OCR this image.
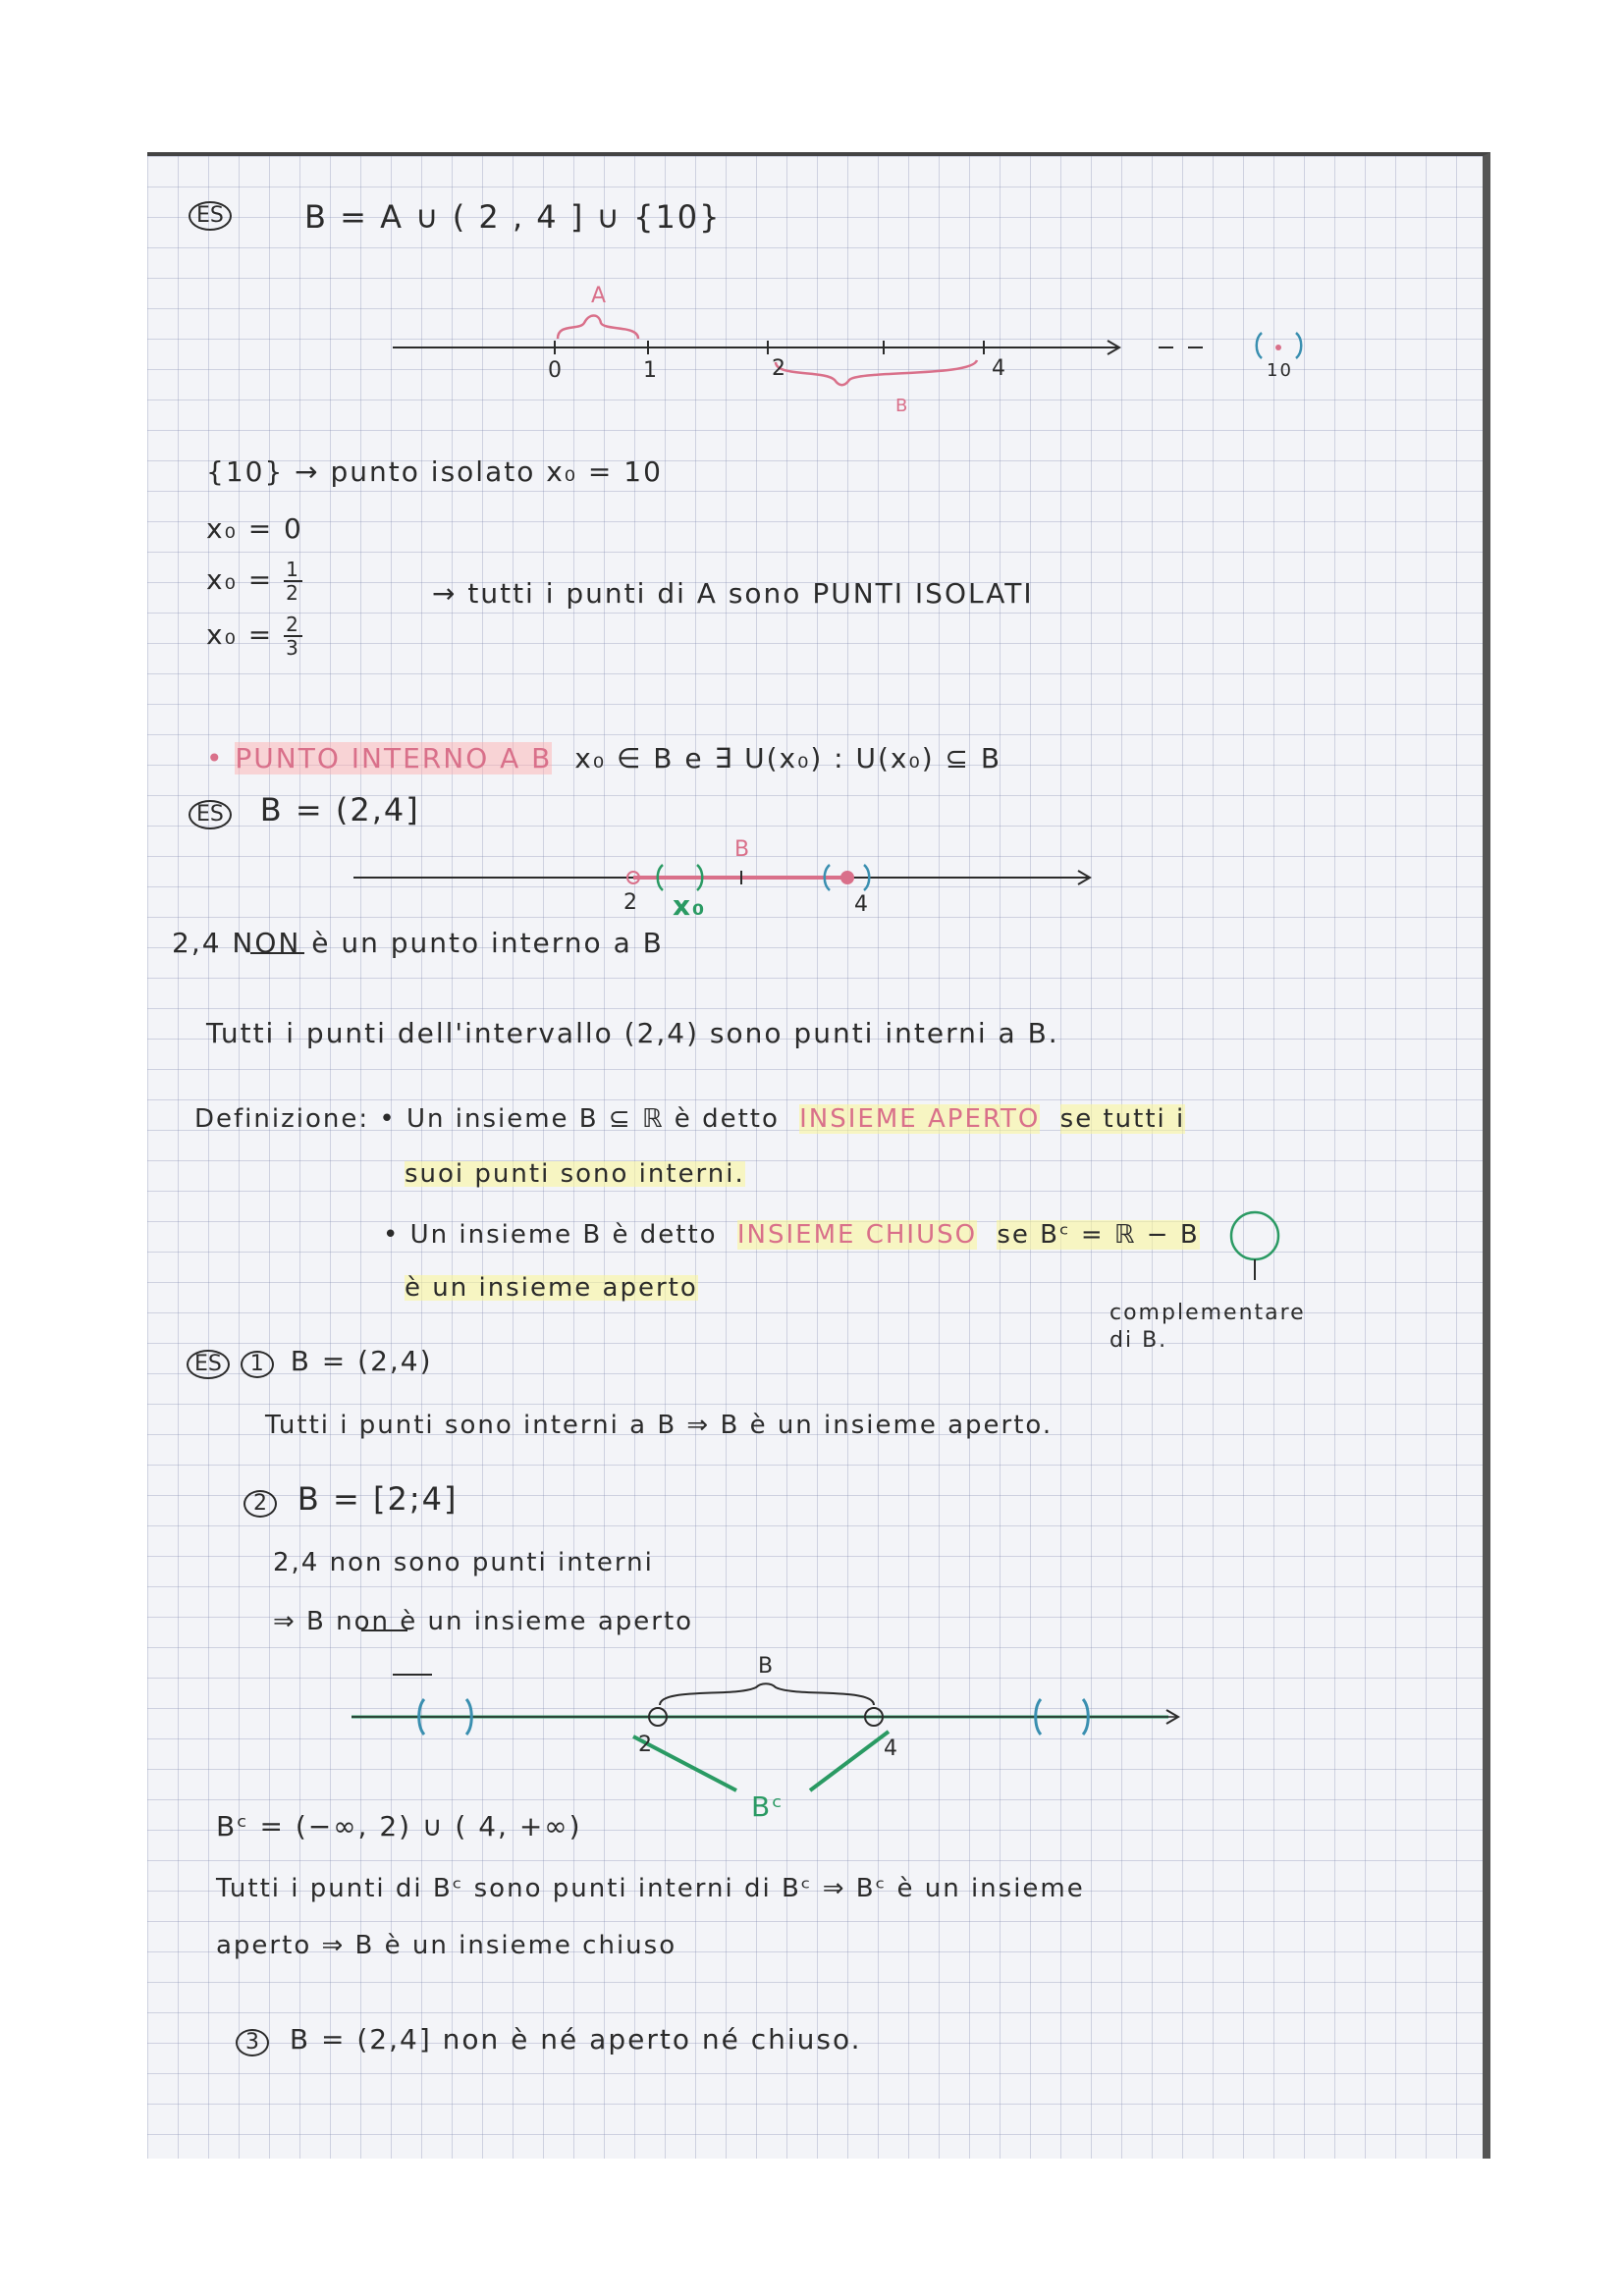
ES	B = A ∪ ( 2 , 4 ] ∪ {10}
A
0	1	2	4	10
B
{10} → punto isolato x₀ = 10
x₀ = 0
$x_0 = \frac{1}{2}$
$x_0 = \frac{2}{3}$
→ tutti i punti di A sono PUNTI ISOLATI
• PUNTO INTERNO A B x₀ ∈ B e ∃ U(x₀) : U(x₀) ⊆ B
ES B = (2,4]
B
2	4
x₀
2,4 NON è un punto interno a B
Tutti i punti dell'intervallo (2,4) sono punti interni a B.
Definizione: • Un insieme B ⊆ ℝ è detto INSIEME APERTO se tutti i
suoi punti sono interni.
• Un insieme B è detto INSIEME CHIUSO se Bᶜ = ℝ − B
è un insieme aperto
complementare
di B.
ES 1 B = (2,4)
Tutti i punti sono interni a B ⇒ B è un insieme aperto.
2 B = [2;4]
2,4 non sono punti interni
⇒ B non è un insieme aperto
B
2	4
Bᶜ
Bᶜ = (−∞, 2) ∪ ( 4, +∞)
Tutti i punti di Bᶜ sono punti interni di Bᶜ ⇒ Bᶜ è un insieme
aperto ⇒ B è un insieme chiuso
3 B = (2,4] non è né aperto né chiuso.
